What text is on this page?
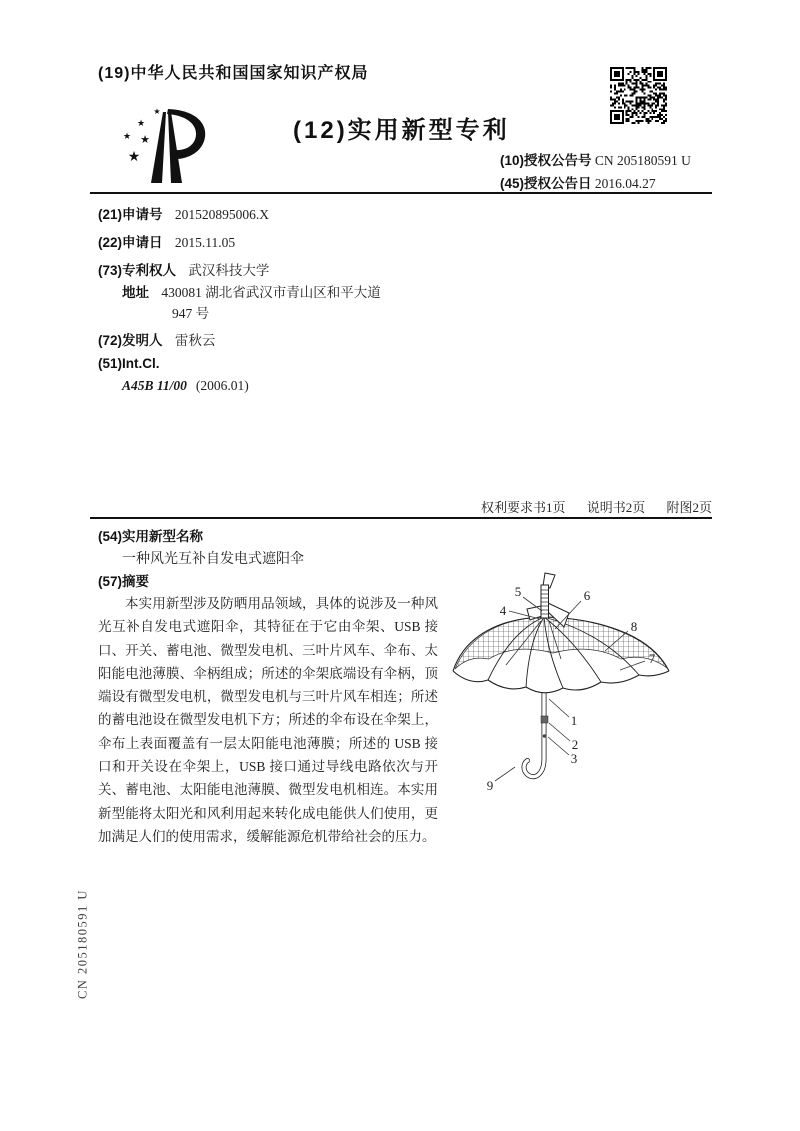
(19)中华人民共和国国家知识产权局
★
★
★ ★
★
(12)实用新型专利
(10)授权公告号 CN 205180591 U
(45)授权公告日 2016.04.27
(21)申请号 201520895006.X
(22)申请日 2015.11.05
(73)专利权人 武汉科技大学
地址 430081 湖北省武汉市青山区和平大道
947 号
(72)发明人 雷秋云
(51)Int.Cl.
A45B 11/00 (2006.01)
权利要求书1页 说明书2页 附图2页
(54)实用新型名称
一种风光互补自发电式遮阳伞
(57)摘要
本实用新型涉及防晒用品领域，具体的说涉及一种风光互补自发电式遮阳伞，其特征在于它由伞架、USB 接口、开关、蓄电池、微型发电机、三叶片风车、伞布、太阳能电池薄膜、伞柄组成；所述的伞架底端设有伞柄，顶端设有微型发电机，微型发电机与三叶片风车相连；所述的蓄电池设在微型发电机下方；所述的伞布设在伞架上，伞布上表面覆盖有一层太阳能电池薄膜；所述的 USB 接口和开关设在伞架上，USB 接口通过导线电路依次与开关、蓄电池、太阳能电池薄膜、微型发电机相连。本实用新型能将太阳光和风利用起来转化成电能供人们使用，更加满足人们的使用需求，缓解能源危机带给社会的压力。
1
2
3
4
5	6
7
8
9
CN 205180591 U
